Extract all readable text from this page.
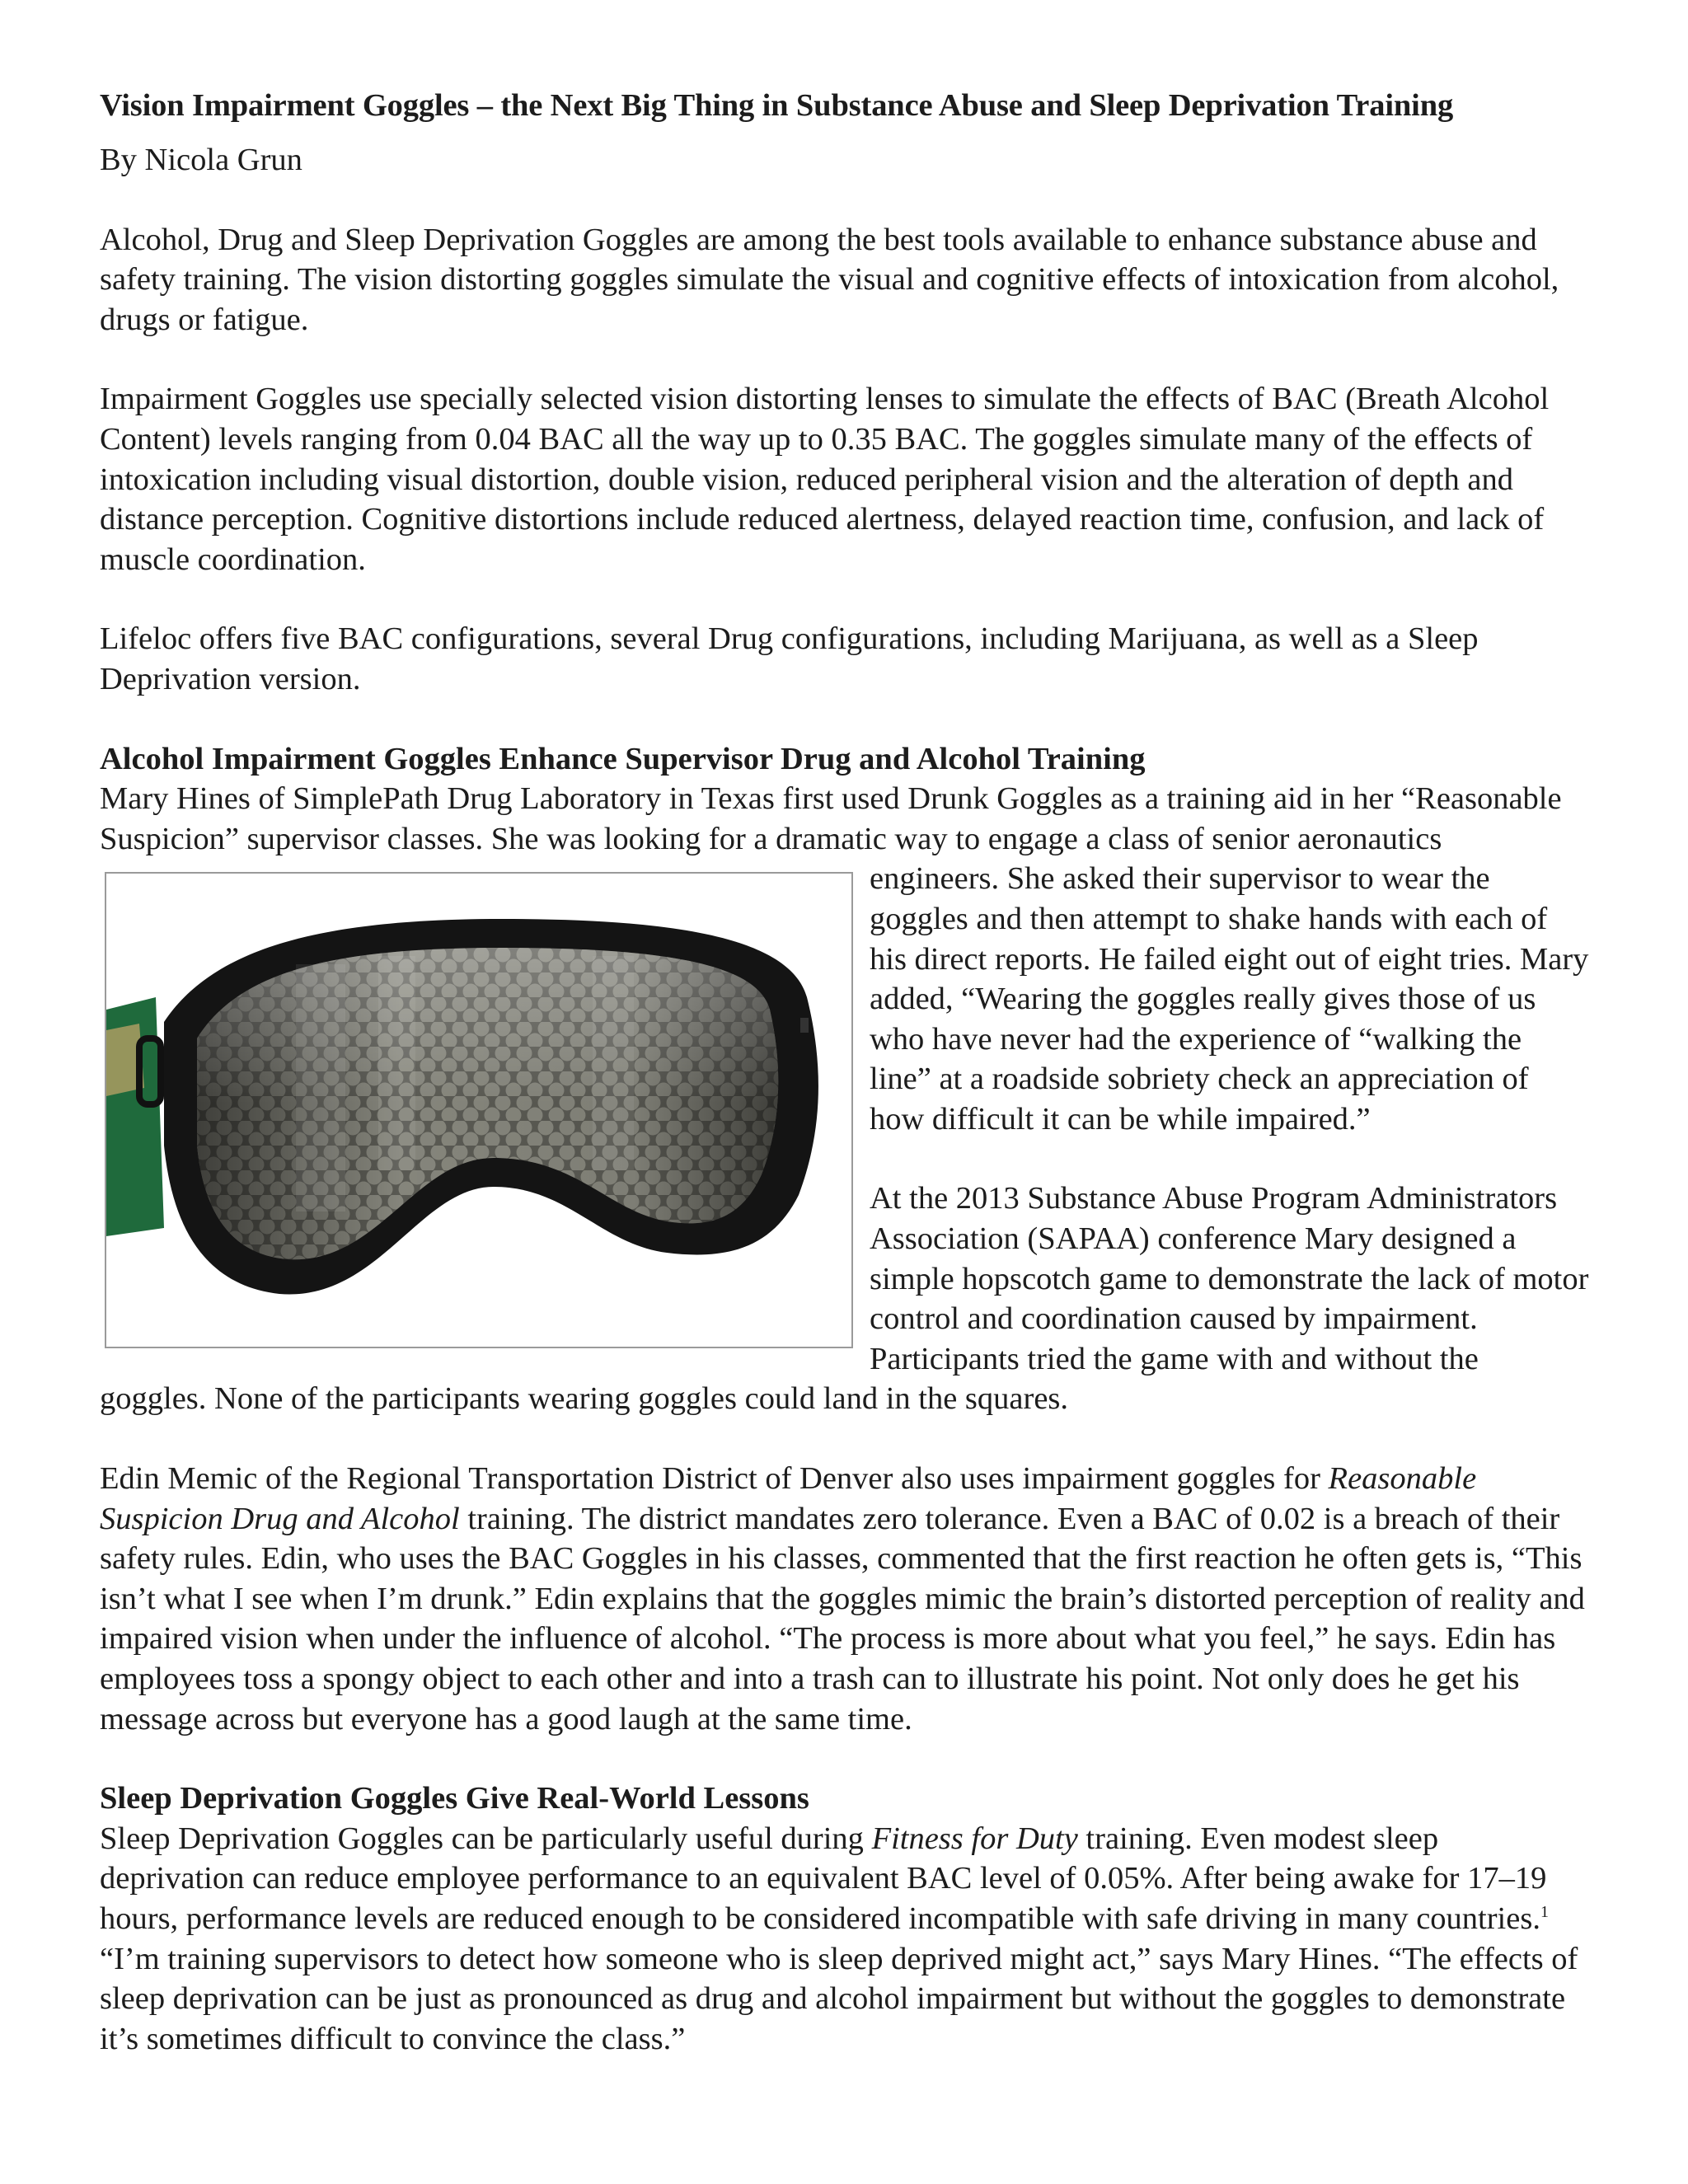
Vision Impairment Goggles – the Next Big Thing in Substance Abuse and Sleep Deprivation Training

By Nicola Grun

Alcohol, Drug and Sleep Deprivation Goggles are among the best tools available to enhance substance abuse and safety training. The vision distorting goggles simulate the visual and cognitive effects of intoxication from alcohol, drugs or fatigue.

Impairment Goggles use specially selected vision distorting lenses to simulate the effects of BAC (Breath Alcohol Content) levels ranging from 0.04 BAC all the way up to 0.35 BAC. The goggles simulate many of the effects of intoxication including visual distortion, double vision, reduced peripheral vision and the alteration of depth and distance perception. Cognitive distortions include reduced alertness, delayed reaction time, confusion, and lack of muscle coordination.

Lifeloc offers five BAC configurations, several Drug configurations, including Marijuana, as well as a Sleep Deprivation version.

Alcohol Impairment Goggles Enhance Supervisor Drug and Alcohol Training

Mary Hines of SimplePath Drug Laboratory in Texas first used Drunk Goggles as a training aid in her “Reasonable Suspicion” supervisor classes. She was looking for a dramatic way to engage a class of senior aeronautics

engineers. She asked their supervisor to wear the goggles and then attempt to shake hands with each of his direct reports. He failed eight out of eight tries. Mary added, “Wearing the goggles really gives those of us who have never had the experience of “walking the line” at a roadside sobriety check an appreciation of how difficult it can be while impaired.”

At the 2013 Substance Abuse Program Administrators Association (SAPAA) conference Mary designed a simple hopscotch game to demonstrate the lack of motor control and coordination caused by impairment. Participants tried the game with and without the goggles. None of the participants wearing goggles could land in the squares.

Edin Memic of the Regional Transportation District of Denver also uses impairment goggles for Reasonable Suspicion Drug and Alcohol training. The district mandates zero tolerance. Even a BAC of 0.02 is a breach of their safety rules. Edin, who uses the BAC Goggles in his classes, commented that the first reaction he often gets is, “This isn’t what I see when I’m drunk.” Edin explains that the goggles mimic the brain’s distorted perception of reality and impaired vision when under the influence of alcohol. “The process is more about what you feel,” he says. Edin has employees toss a spongy object to each other and into a trash can to illustrate his point. Not only does he get his message across but everyone has a good laugh at the same time.

Sleep Deprivation Goggles Give Real-World Lessons

Sleep Deprivation Goggles can be particularly useful during Fitness for Duty training. Even modest sleep deprivation can reduce employee performance to an equivalent BAC level of 0.05%. After being awake for 17–19 hours, performance levels are reduced enough to be considered incompatible with safe driving in many countries.$^1$ “I’m training supervisors to detect how someone who is sleep deprived might act,” says Mary Hines. “The effects of sleep deprivation can be just as pronounced as drug and alcohol impairment but without the goggles to demonstrate it’s sometimes difficult to convince the class.”
